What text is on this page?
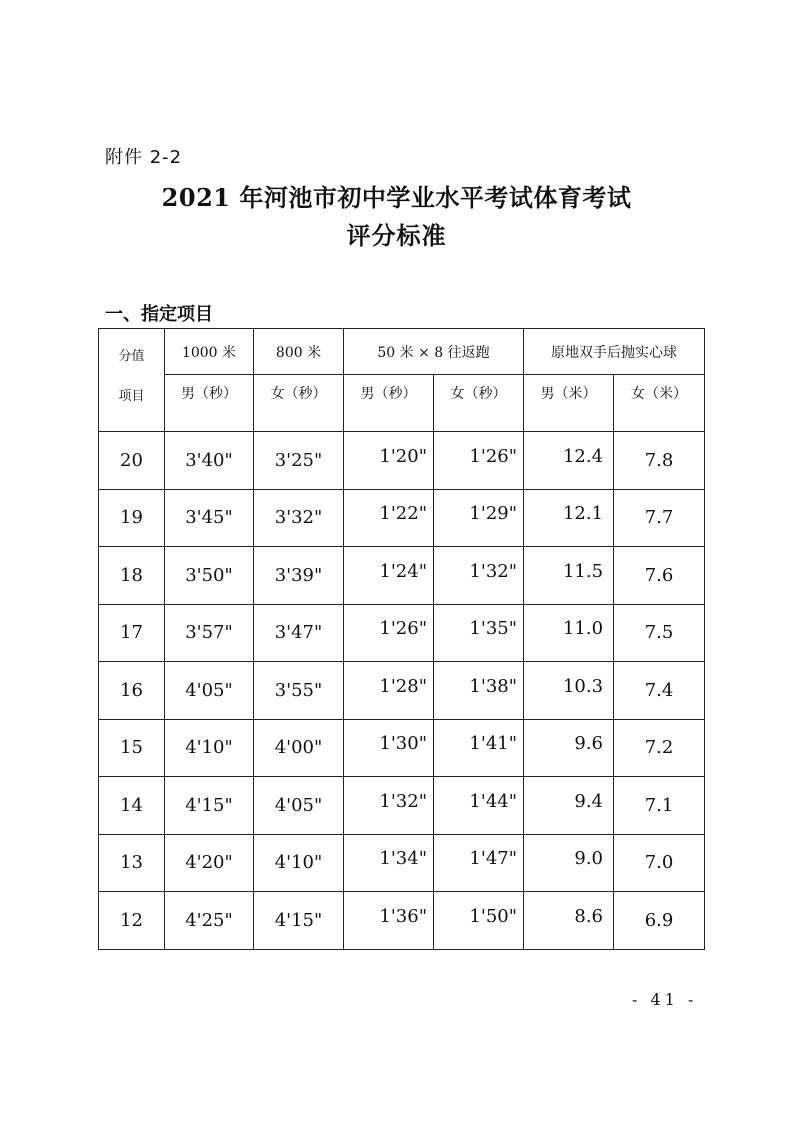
附件 2-2
2021 年河池市初中学业水平考试体育考试
评分标准
一、指定项目
分值
项目	1000 米	800 米	50 米 × 8 往返跑		原地双手后抛实心球	
	男（秒）	女（秒）	男（秒）	女（秒）	男（米）	女（米）
20	3'40"	3'25"	1'20"	1'26"	12.4	7.8
19	3'45"	3'32"	1'22"	1'29"	12.1	7.7
18	3'50"	3'39"	1'24"	1'32"	11.5	7.6
17	3'57"	3'47"	1'26"	1'35"	11.0	7.5
16	4'05"	3'55"	1'28"	1'38"	10.3	7.4
15	4'10"	4'00"	1'30"	1'41"	9.6	7.2
14	4'15"	4'05"	1'32"	1'44"	9.4	7.1
13	4'20"	4'10"	1'34"	1'47"	9.0	7.0
12	4'25"	4'15"	1'36"	1'50"	8.6	6.9
- 41 -
